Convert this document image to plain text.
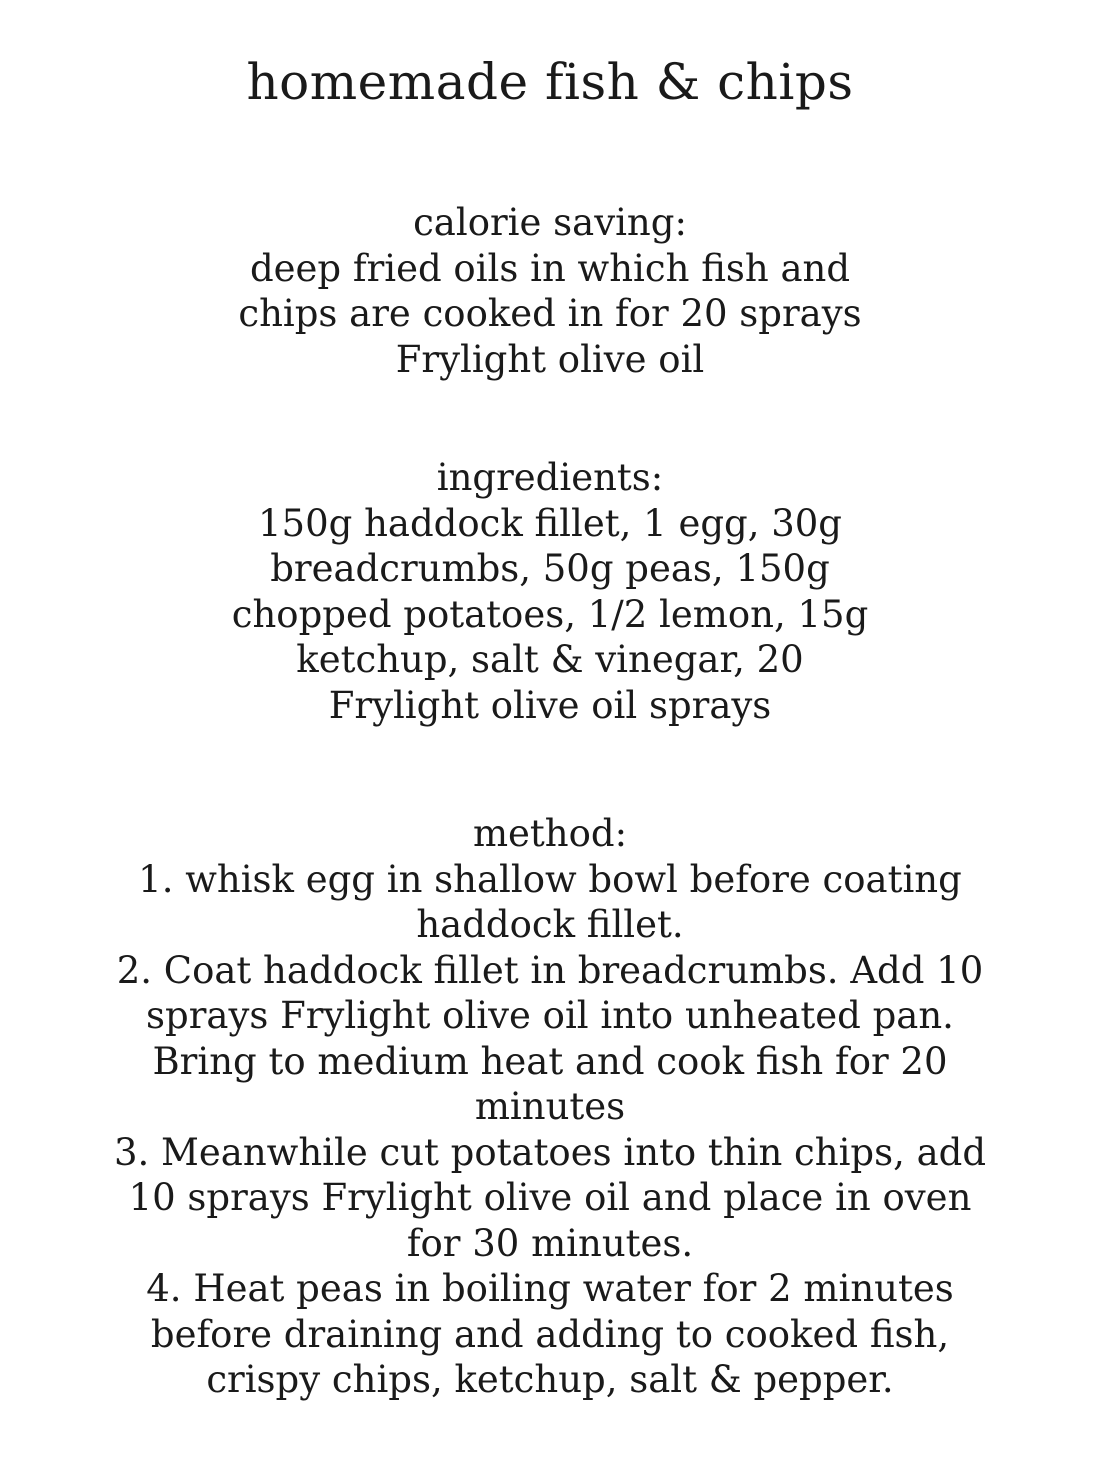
homemade fish & chips
calorie saving:
deep fried oils in which fish and
chips are cooked in for 20 sprays
Frylight olive oil
ingredients:
150g haddock fillet, 1 egg, 30g
breadcrumbs, 50g peas, 150g
chopped potatoes, 1/2 lemon, 15g
ketchup, salt & vinegar, 20
Frylight olive oil sprays
method:
1. whisk egg in shallow bowl before coating
haddock fillet.
2. Coat haddock fillet in breadcrumbs. Add 10
sprays Frylight olive oil into unheated pan.
Bring to medium heat and cook fish for 20
minutes
3. Meanwhile cut potatoes into thin chips, add
10 sprays Frylight olive oil and place in oven
for 30 minutes.
4. Heat peas in boiling water for 2 minutes
before draining and adding to cooked fish,
crispy chips, ketchup, salt & pepper.
